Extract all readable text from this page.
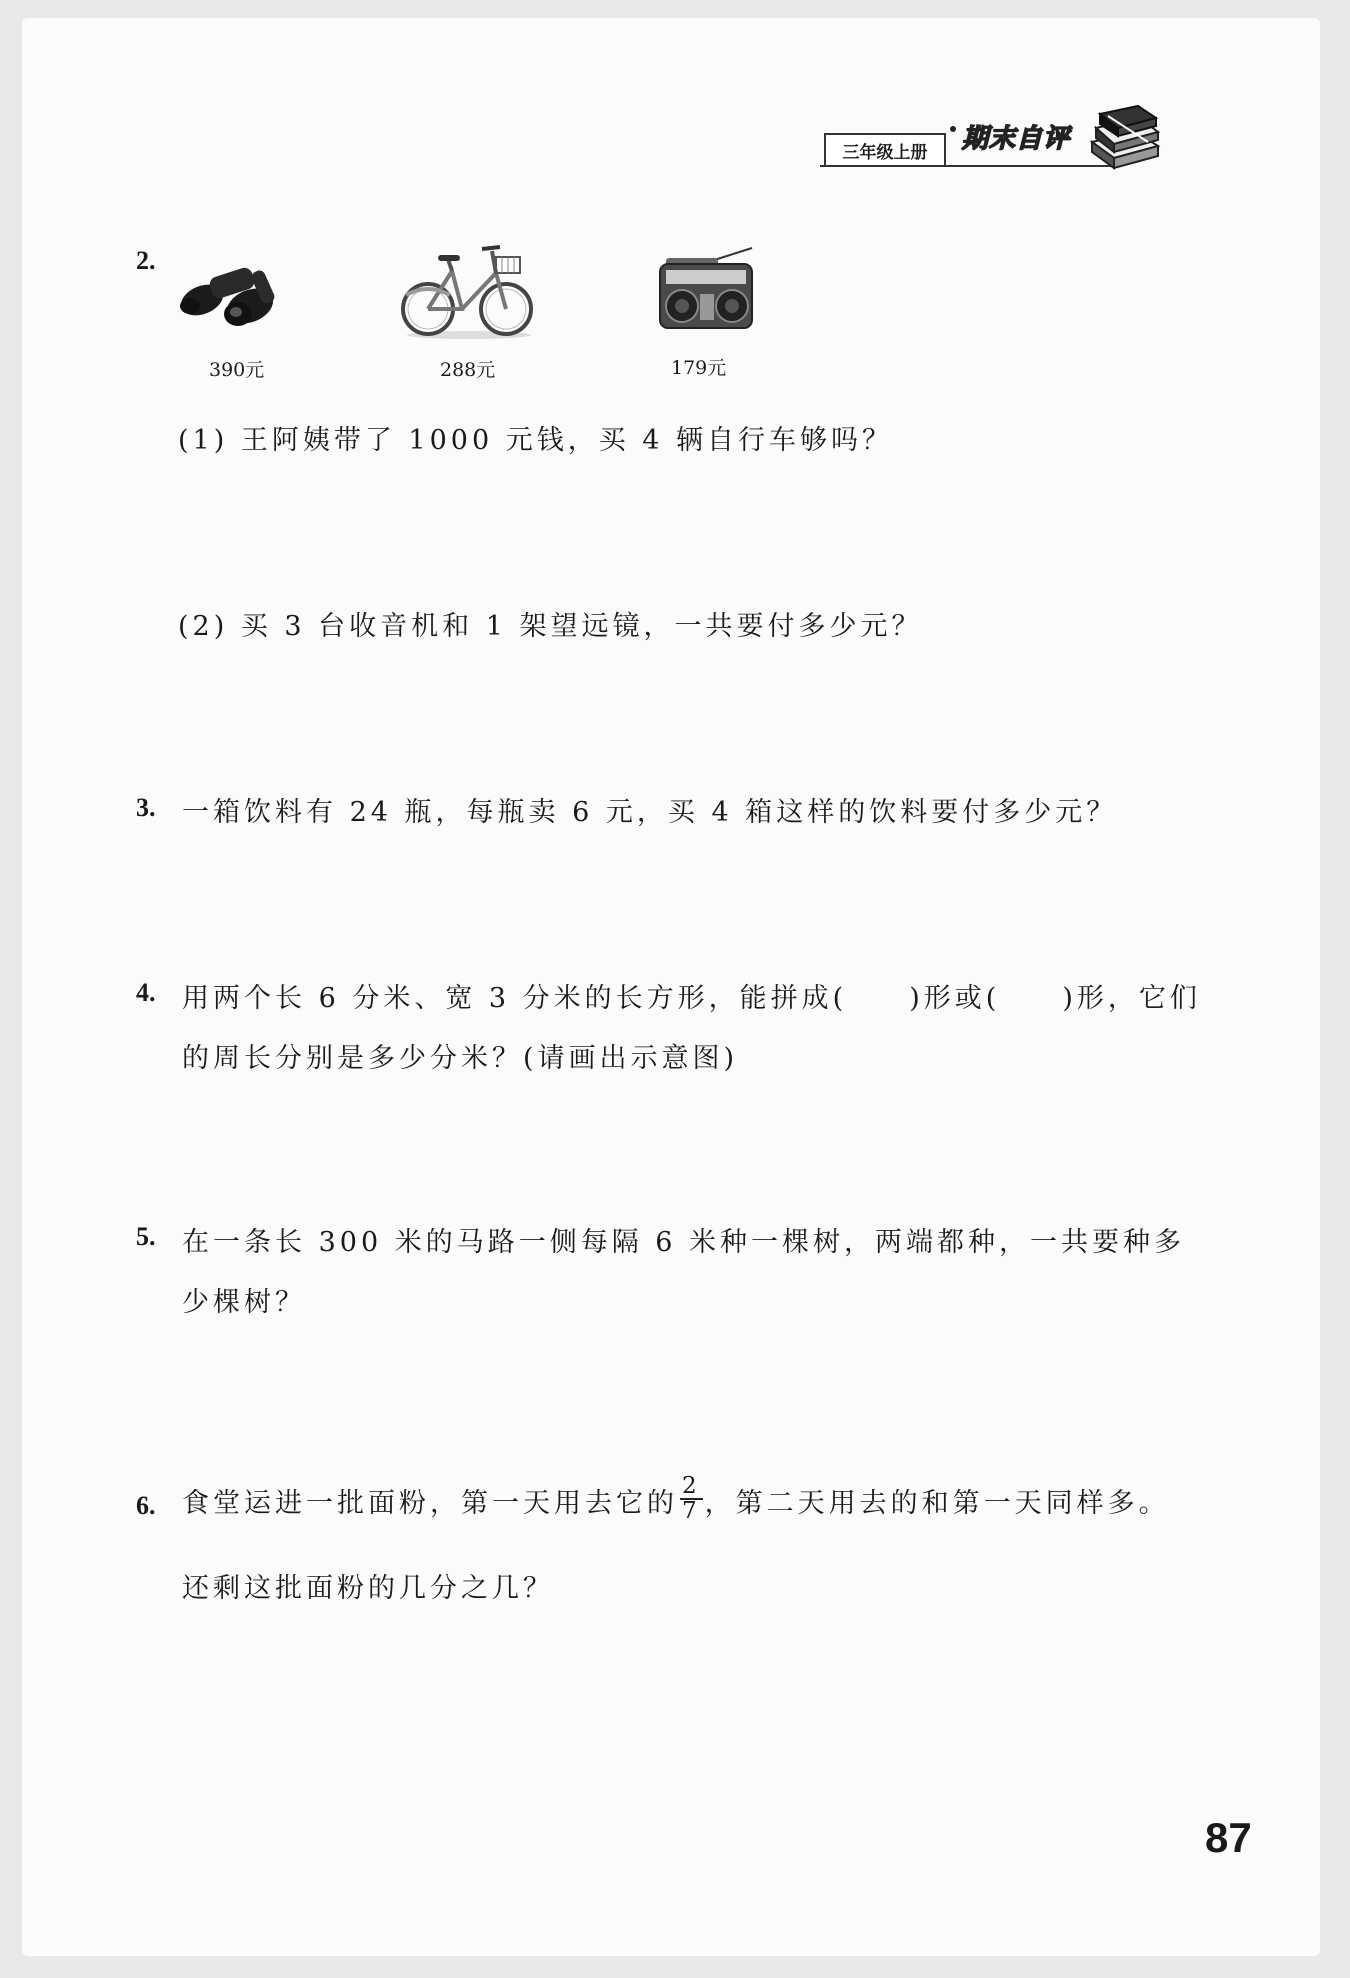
三年级上册	期末自评
2.
390元	288元	179元
(1) 王阿姨带了 1000 元钱，买 4 辆自行车够吗？
(2) 买 3 台收音机和 1 架望远镜，一共要付多少元？
3. 一箱饮料有 24 瓶，每瓶卖 6 元，买 4 箱这样的饮料要付多少元？
4. 用两个长 6 分米、宽 3 分米的长方形，能拼成( )形或( )形，它们
的周长分别是多少分米？(请画出示意图)
5. 在一条长 300 米的马路一侧每隔 6 米种一棵树，两端都种，一共要种多
少棵树？
6. 食堂运进一批面粉，第一天用去它的 $\frac{2}{7}$ ，第二天用去的和第一天同样多。
还剩这批面粉的几分之几？
87
